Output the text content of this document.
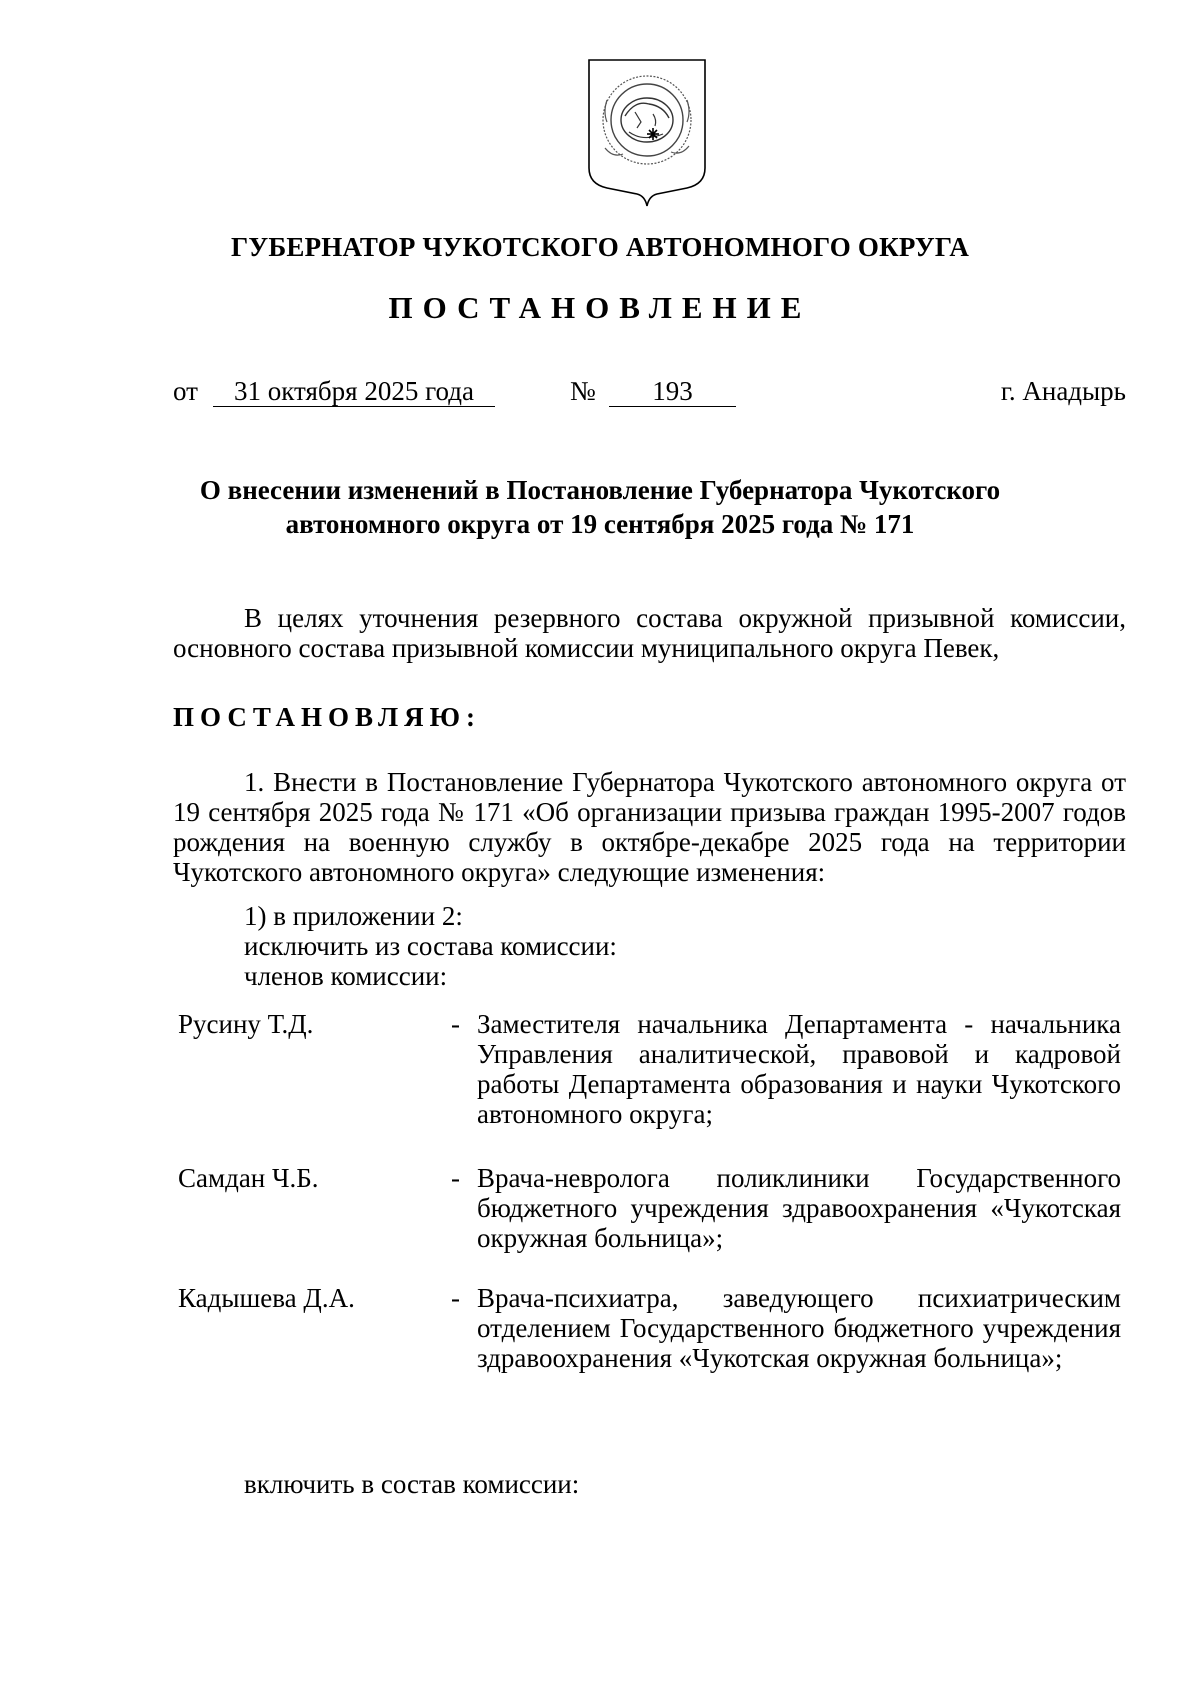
ГУБЕРНАТОР ЧУКОТСКОГО АВТОНОМНОГО ОКРУГА
ПОСТАНОВЛЕНИЕ
от	31 октября 2025 года	№	193	г. Анадырь
О внесении изменений в Постановление Губернатора Чукотского
автономного округа от 19 сентября 2025 года № 171
В целях уточнения резервного состава окружной призывной комиссии, основного состава призывной комиссии муниципального округа Певек,
ПОСТАНОВЛЯЮ:
1. Внести в Постановление Губернатора Чукотского автономного округа от 19 сентября 2025 года № 171 «Об организации призыва граждан 1995-2007 годов рождения на военную службу в октябре-декабре 2025 года на территории Чукотского автономного округа» следующие изменения:
1) в приложении 2:
исключить из состава комиссии:
членов комиссии:
Русину Т.Д.	- Заместителя начальника Департамента - начальника Управления аналитической, правовой и кадровой работы Департамента образования и науки Чукотского автономного округа;
Самдан Ч.Б.	- Врача-невролога поликлиники Государственного бюджетного учреждения здравоохранения «Чукотская окружная больница»;
Кадышева Д.А.	- Врача-психиатра, заведующего психиатрическим отделением Государственного бюджетного учреждения здравоохранения «Чукотская окружная больница»;
включить в состав комиссии:
